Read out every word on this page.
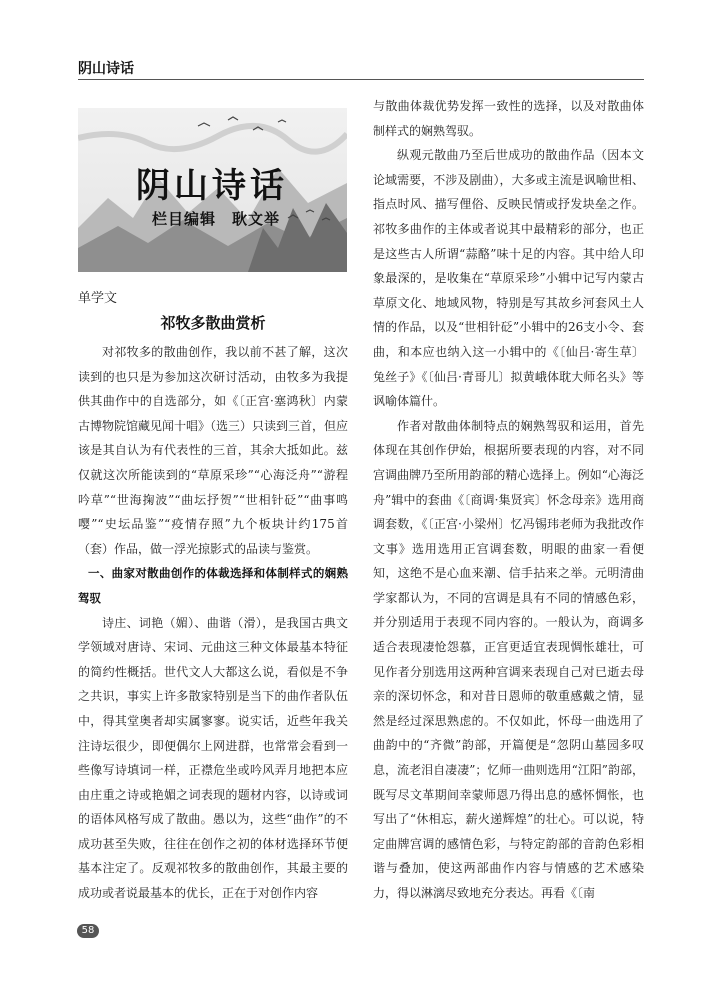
阴山诗话
阴山诗话
栏目编辑　耿文举
单学文
祁牧多散曲赏析

对祁牧多的散曲创作，我以前不甚了解，这次读到的也只是为参加这次研讨活动，由牧多为我提供其曲作中的自选部分，如《〔正宫·塞鸿秋〕内蒙古博物院馆藏见闻十唱》（选三）只读到三首，但应该是其自认为有代表性的三首，其余大抵如此。兹仅就这次所能读到的“草原采珍”“心海泛舟”“游程吟草”“世海掬波”“曲坛抒贺”“世相针砭”“曲事鸣嘤”“史坛品鉴”“疫情存照”九个板块计约175首（套）作品，做一浮光掠影式的品读与鉴赏。

一、曲家对散曲创作的体裁选择和体制样式的娴熟驾驭

诗庄、词艳（媚）、曲谐（滑），是我国古典文学领域对唐诗、宋词、元曲这三种文体最基本特征的简约性概括。世代文人大都这么说，看似是不争之共识，事实上许多散家特别是当下的曲作者队伍中，得其堂奥者却实属寥寥。说实话，近些年我关注诗坛很少，即便偶尔上网进群，也常常会看到一些像写诗填词一样，正襟危坐或吟风弄月地把本应由庄重之诗或艳媚之词表现的题材内容，以诗或词的语体风格写成了散曲。愚以为，这些“曲作”的不成功甚至失败，往往在创作之初的体材选择环节便基本注定了。反观祁牧多的散曲创作，其最主要的成功或者说最基本的优长，正在于对创作内容

与散曲体裁优势发挥一致性的选择，以及对散曲体制样式的娴熟驾驭。

纵观元散曲乃至后世成功的散曲作品（因本文论域需要，不涉及剧曲），大多或主流是讽喻世相、指点时风、描写俚俗、反映民情或抒发块垒之作。祁牧多曲作的主体或者说其中最精彩的部分，也正是这些古人所谓“蒜酪”味十足的内容。其中给人印象最深的，是收集在“草原采珍”小辑中记写内蒙古草原文化、地域风物，特别是写其故乡河套风土人情的作品，以及“世相针砭”小辑中的26支小令、套曲，和本应也纳入这一小辑中的《〔仙吕·寄生草〕兔丝子》《〔仙吕·青哥儿〕拟黄峨体耽大师名头》等讽喻体篇什。

作者对散曲体制特点的娴熟驾驭和运用，首先体现在其创作伊始，根据所要表现的内容，对不同宫调曲牌乃至所用韵部的精心选择上。例如“心海泛舟”辑中的套曲《〔商调·集贤宾〕怀念母亲》选用商调套数，《〔正宫·小梁州〕忆冯锡玮老师为我批改作文事》选用选用正宫调套数，明眼的曲家一看便知，这绝不是心血来潮、信手拈来之举。元明清曲学家都认为，不同的宫调是具有不同的情感色彩，并分别适用于表现不同内容的。一般认为，商调多适合表现凄怆怨慕，正宫更适宜表现惆怅雄壮，可见作者分别选用这两种宫调来表现自己对已逝去母亲的深切怀念，和对昔日恩师的敬重感戴之情，显然是经过深思熟虑的。不仅如此，怀母一曲选用了曲韵中的“齐微”韵部，开篇便是“忽阴山墓园多叹息，流老泪自凄凄”；忆师一曲则选用“江阳”韵部，既写尽文革期间幸蒙师恩乃得出息的感怀惆怅，也写出了“休相忘，薪火递辉煌”的壮心。可以说，特定曲牌宫调的感情色彩，与特定韵部的音韵色彩相谐与叠加，使这两部曲作内容与情感的艺术感染力，得以淋漓尽致地充分表达。再看《〔南

58
